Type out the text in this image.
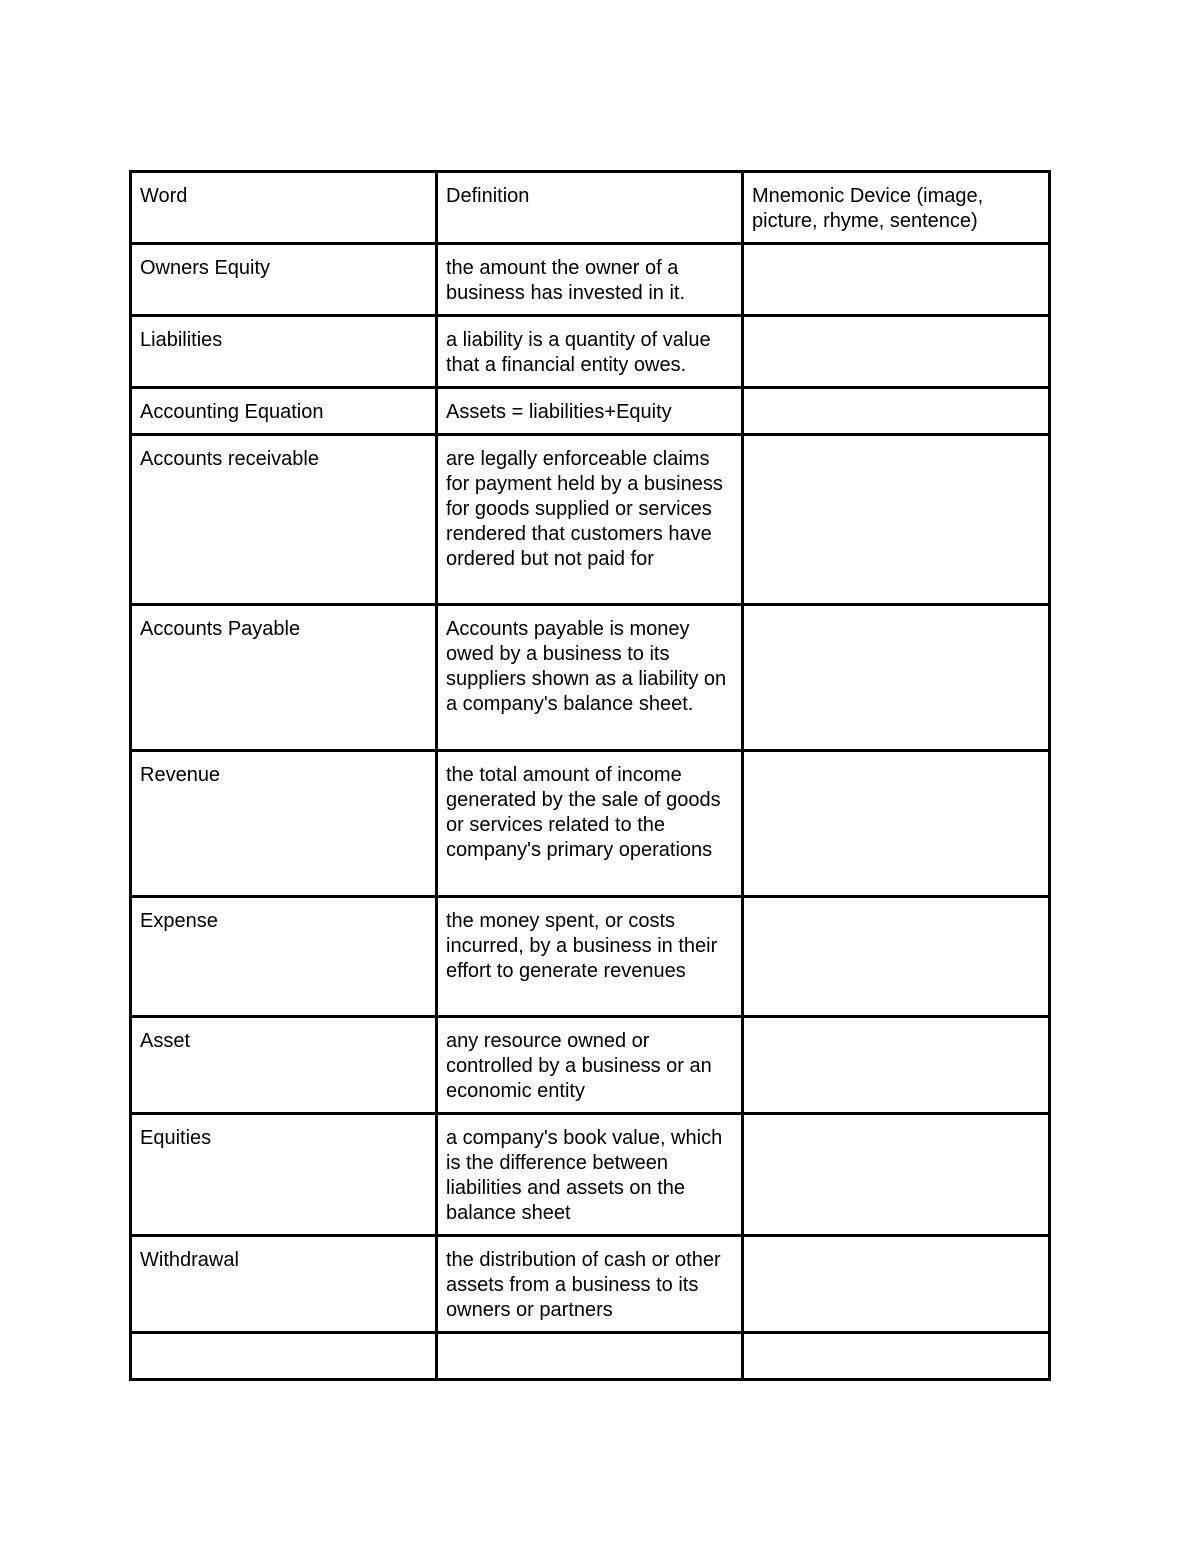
Word	Definition	Mnemonic Device (image, picture, rhyme, sentence)
Owners Equity	the amount the owner of a business has invested in it.	
Liabilities	a liability is a quantity of value that a financial entity owes.	
Accounting Equation	Assets = liabilities+Equity	
Accounts receivable	are legally enforceable claims for payment held by a business for goods supplied or services rendered that customers have ordered but not paid for	
Accounts Payable	Accounts payable is money owed by a business to its suppliers shown as a liability on a company's balance sheet.	
Revenue	the total amount of income generated by the sale of goods or services related to the company's primary operations	
Expense	the money spent, or costs incurred, by a business in their effort to generate revenues	
Asset	any resource owned or controlled by a business or an economic entity	
Equities	a company's book value, which is the difference between liabilities and assets on the balance sheet	
Withdrawal	the distribution of cash or other assets from a business to its owners or partners	
